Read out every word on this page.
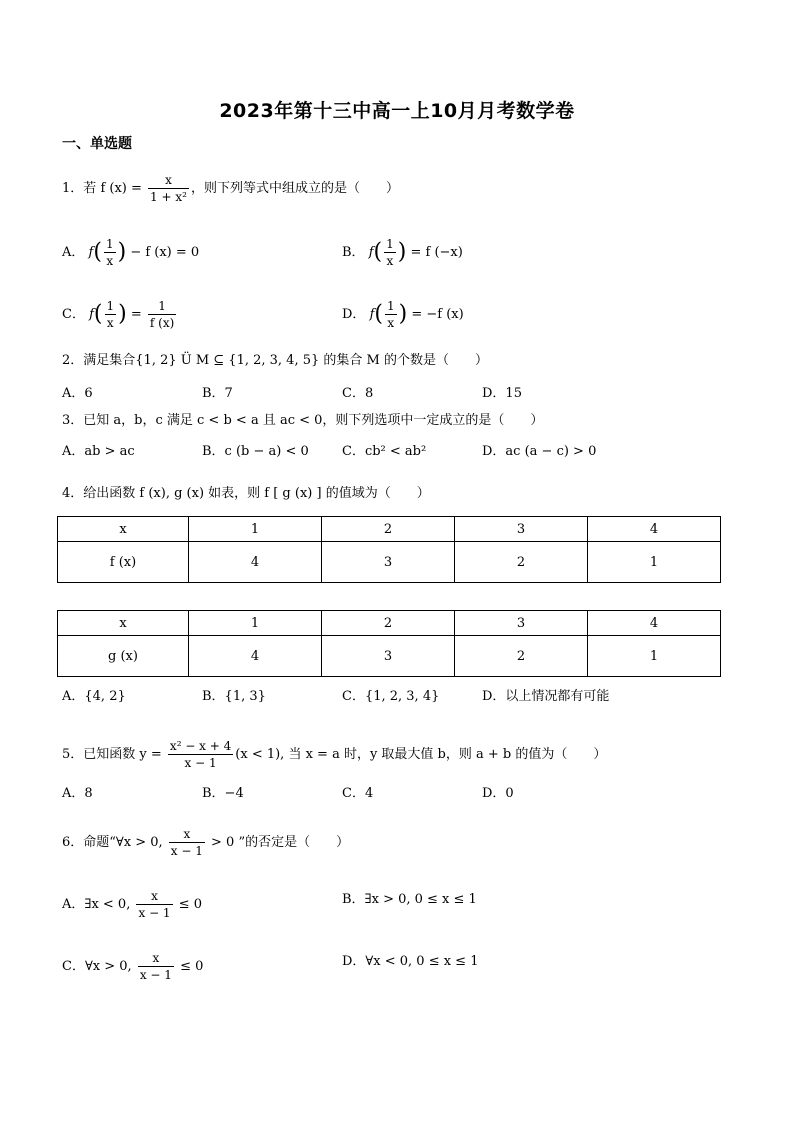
2023年第十三中高一上10月月考数学卷
一、单选题
1．若 f $(x) = \frac{x}{\text{1 + x²}}$ ，则下列等式中组成立的是（　　）
A． $f( \frac{1}{x}$ ) − f (x) = 0	B． $f( \frac{1}{x}$ ) = f (−x)
C． $f( \frac{1}{x}$ ) = $\frac{1}{f (x)}$	D． $f( \frac{1}{x}$ ) = −f (x)
2．满足集合{1, 2} Ü M ⊆ {1, 2, 3, 4, 5} 的集合 M 的个数是（　　）
A．6	B．7	C．8	D．15
3．已知 a，b，c 满足 c < b < a 且 ac < 0，则下列选项中一定成立的是（　　）
A．ab > ac	B．c (b − a) < 0	C．cb² < ab²	D．ac (a − c) > 0
4．给出函数 f (x), g (x) 如表，则 f [ g (x) ] 的值域为（　　）
x	1	2	3	4
f (x)	4	3	2	1
x	1	2	3	4
g (x)	4	3	2	1
A．{4, 2}	B．{1, 3}	C．{1, 2, 3, 4}	D．以上情况都有可能
5．已知函数 $y = \frac{\text{x² − x + 4}}{x - 1} (x < 1)$, 当 x = a 时，y 取最大值 b，则 a + b 的值为（　　）
A．8	B．−4	C．4	D．0
6．命题“∀x > 0, $\frac{x}{x - 1} > 0$ ”的否定是（　　）
A．∃x < 0, $\frac{x}{x - 1} \le 0$	B．∃x > 0, 0 ≤ x ≤ 1
C．∀x > 0, $\frac{x}{x - 1} \le 0$	D．∀x < 0, 0 ≤ x ≤ 1
